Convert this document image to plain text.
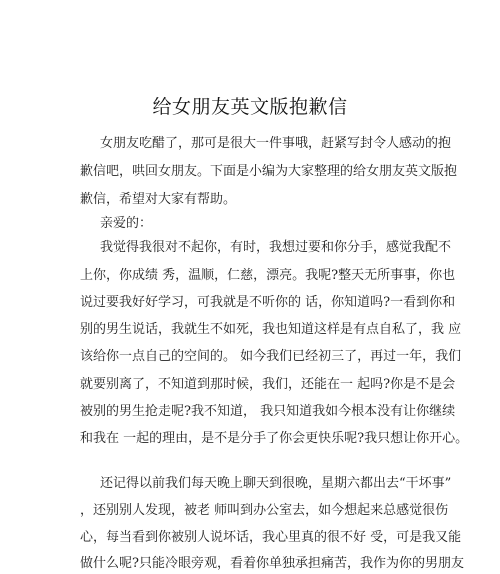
给女朋友英文版抱歉信
女朋友吃醋了，那可是很大一件事哦，赶紧写封令人感动的抱
歉信吧，哄回女朋友。下面是小编为大家整理的给女朋友英文版抱
歉信，希望对大家有帮助。
亲爱的：
我觉得我很对不起你，有时，我想过要和你分手，感觉我配不
上你，你成绩 秀，温顺，仁慈，漂亮。我呢?整天无所事事，你也
说过要我好好学习，可我就是不听你的 话，你知道吗?一看到你和
别的男生说话，我就生不如死，我也知道这样是有点自私了，我 应
该给你一点自己的空间的。 如今我们已经初三了，再过一年，我们
就要别离了，不知道到那时候，我们，还能在一 起吗?你是不是会
被别的男生抢走呢?我不知道， 我只知道我如今根本没有让你继续
和我在 一起的理由，是不是分手了你会更快乐呢?我只想让你开心。
还记得以前我们每天晚上聊天到很晚，星期六都出去“干坏事”
，还别别人发现，被老 师叫到办公室去，如今想起来总感觉很伤
心，每当看到你被别人说坏话，我心里真的很不好 受，可是我又能
做什么呢?只能冷眼旁观，看着你单独承担痛苦，我作为你的男朋友
